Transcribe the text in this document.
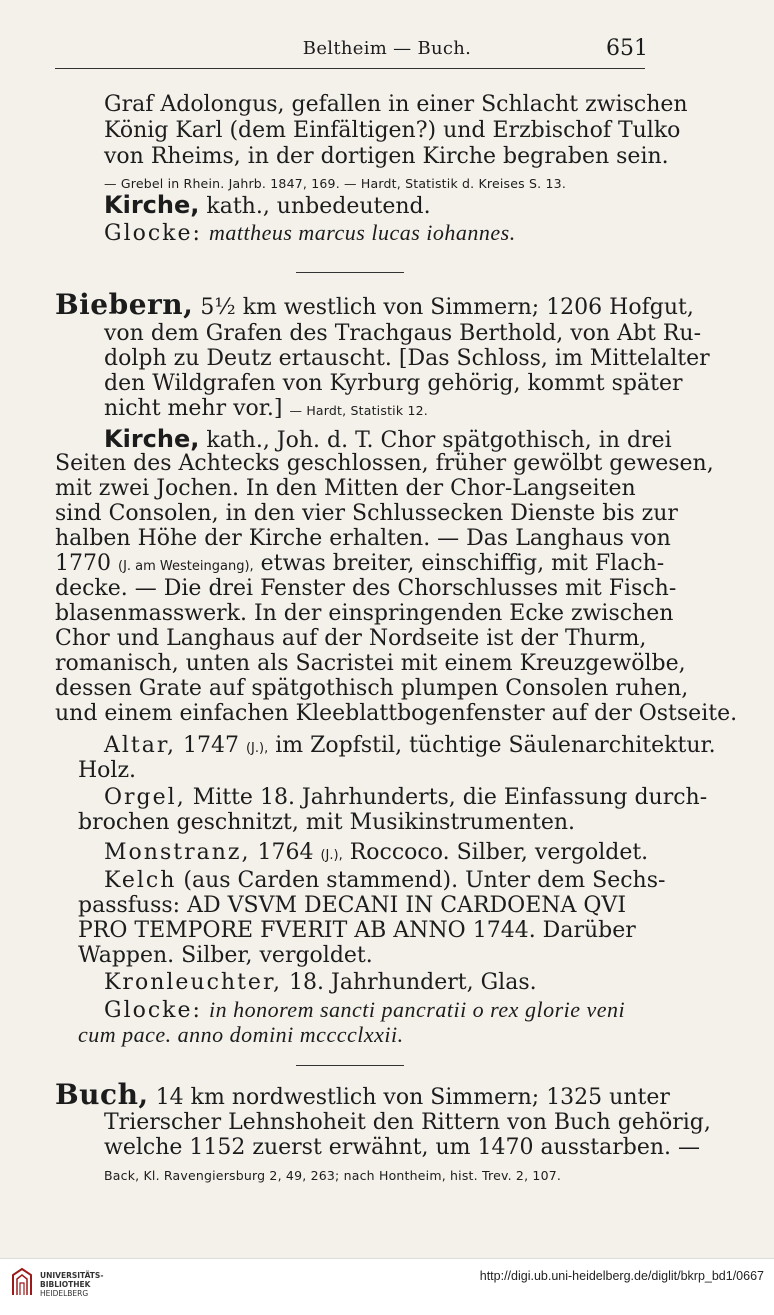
Beltheim — Buch.	651
Graf Adolongus, gefallen in einer Schlacht zwischen
König Karl (dem Einfältigen?) und Erzbischof Tulko
von Rheims, in der dortigen Kirche begraben sein.
— Grebel in Rhein. Jahrb. 1847, 169. — Hardt, Statistik d. Kreises S. 13.
Kirche, kath., unbedeutend.
Glocke: mattheus marcus lucas iohannes.
Biebern, 5½ km westlich von Simmern; 1206 Hofgut,
von dem Grafen des Trachgaus Berthold, von Abt Ru-
dolph zu Deutz ertauscht. [Das Schloss, im Mittelalter
den Wildgrafen von Kyrburg gehörig, kommt später
nicht mehr vor.] — Hardt, Statistik 12.
Kirche, kath., Joh. d. T. Chor spätgothisch, in drei
Seiten des Achtecks geschlossen, früher gewölbt gewesen,
mit zwei Jochen. In den Mitten der Chor-Langseiten
sind Consolen, in den vier Schlussecken Dienste bis zur
halben Höhe der Kirche erhalten. — Das Langhaus von
1770 (J. am Westeingang), etwas breiter, einschiffig, mit Flach-
decke. — Die drei Fenster des Chorschlusses mit Fisch-
blasenmasswerk. In der einspringenden Ecke zwischen
Chor und Langhaus auf der Nordseite ist der Thurm,
romanisch, unten als Sacristei mit einem Kreuzgewölbe,
dessen Grate auf spätgothisch plumpen Consolen ruhen,
und einem einfachen Kleeblattbogenfenster auf der Ostseite.
Altar, 1747 (J.), im Zopfstil, tüchtige Säulenarchitektur.
Holz.
Orgel, Mitte 18. Jahrhunderts, die Einfassung durch-
brochen geschnitzt, mit Musikinstrumenten.
Monstranz, 1764 (J.), Roccoco. Silber, vergoldet.
Kelch (aus Carden stammend). Unter dem Sechs-
passfuss: AD VSVM DECANI IN CARDOENA QVI
PRO TEMPORE FVERIT AB ANNO 1744. Darüber
Wappen. Silber, vergoldet.
Kronleuchter, 18. Jahrhundert, Glas.
Glocke: in honorem sancti pancratii o rex glorie veni
cum pace. anno domini mcccclxxii.
Buch, 14 km nordwestlich von Simmern; 1325 unter
Trierscher Lehnshoheit den Rittern von Buch gehörig,
welche 1152 zuerst erwähnt, um 1470 ausstarben. —
Back, Kl. Ravengiersburg 2, 49, 263; nach Hontheim, hist. Trev. 2, 107.
UNIVERSITÄTS-
BIBLIOTHEK
HEIDELBERG
http://digi.ub.uni-heidelberg.de/diglit/bkrp_bd1/0667
